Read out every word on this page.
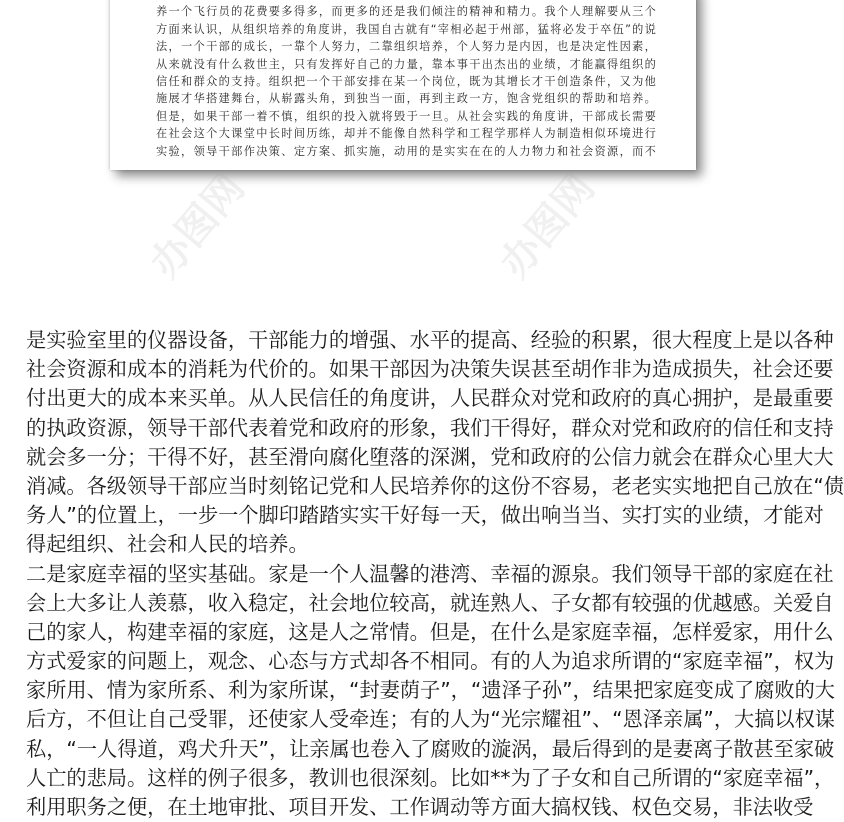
养一个飞行员的花费要多得多，而更多的还是我们倾注的精神和精力。我个人理解要从三个
方面来认识，从组织培养的角度讲，我国自古就有“宰相必起于州部，猛将必发于卒伍”的说
法，一个干部的成长，一靠个人努力，二靠组织培养，个人努力是内因，也是决定性因素，
从来就没有什么救世主，只有发挥好自己的力量，靠本事干出杰出的业绩，才能赢得组织的
信任和群众的支持。组织把一个干部安排在某一个岗位，既为其增长才干创造条件，又为他
施展才华搭建舞台，从崭露头角，到独当一面，再到主政一方，饱含党组织的帮助和培养。
但是，如果干部一着不慎，组织的投入就将毁于一旦。从社会实践的角度讲，干部成长需要
在社会这个大课堂中长时间历练，却并不能像自然科学和工程学那样人为制造相似环境进行
实验，领导干部作决策、定方案、抓实施，动用的是实实在在的人力物力和社会资源，而不
办图网	办图网
是实验室里的仪器设备，干部能力的增强、水平的提高、经验的积累，很大程度上是以各种
社会资源和成本的消耗为代价的。如果干部因为决策失误甚至胡作非为造成损失，社会还要
付出更大的成本来买单。从人民信任的角度讲，人民群众对党和政府的真心拥护，是最重要
的执政资源，领导干部代表着党和政府的形象，我们干得好，群众对党和政府的信任和支持
就会多一分；干得不好，甚至滑向腐化堕落的深渊，党和政府的公信力就会在群众心里大大
消减。各级领导干部应当时刻铭记党和人民培养你的这份不容易，老老实实地把自己放在“债
务人”的位置上，一步一个脚印踏踏实实干好每一天，做出响当当、实打实的业绩，才能对
得起组织、社会和人民的培养。
二是家庭幸福的坚实基础。家是一个人温馨的港湾、幸福的源泉。我们领导干部的家庭在社
会上大多让人羡慕，收入稳定，社会地位较高，就连熟人、子女都有较强的优越感。关爱自
己的家人，构建幸福的家庭，这是人之常情。但是，在什么是家庭幸福，怎样爱家，用什么
方式爱家的问题上，观念、心态与方式却各不相同。有的人为追求所谓的“家庭幸福”，权为
家所用、情为家所系、利为家所谋，“封妻荫子”，“遗泽子孙”，结果把家庭变成了腐败的大
后方，不但让自己受罪，还使家人受牵连；有的人为“光宗耀祖”、“恩泽亲属”，大搞以权谋
私，“一人得道，鸡犬升天”，让亲属也卷入了腐败的漩涡，最后得到的是妻离子散甚至家破
人亡的悲局。这样的例子很多，教训也很深刻。比如**为了子女和自己所谓的“家庭幸福”，
利用职务之便，在土地审批、项目开发、工作调动等方面大搞权钱、权色交易，非法收受
